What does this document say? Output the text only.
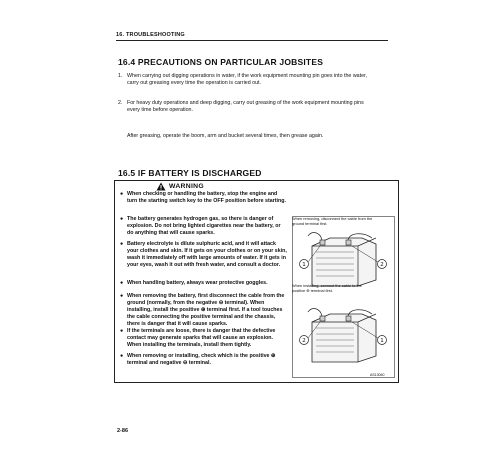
16. TROUBLESHOOTING
16.4 PRECAUTIONS ON PARTICULAR JOBSITES
1. When carrying out digging operations in water, if the work equipment mounting pin goes into the water, carry out greasing every time the operation is carried out.
2. For heavy duty operations and deep digging, carry out greasing of the work equipment mounting pins every time before operation.
After greasing, operate the boom, arm and bucket several times, then grease again.
16.5 IF BATTERY IS DISCHARGED
WARNING
● When checking or handling the battery, stop the engine and turn the starting switch key to the OFF position before starting.
● The battery generates hydrogen gas, so there is danger of explosion. Do not bring lighted cigarettes near the battery, or do anything that will cause sparks.
● Battery electrolyte is dilute sulphuric acid, and it will attack your clothes and skin. If it gets on your clothes or on your skin, wash it immediately off with large amounts of water. If it gets in your eyes, wash it out with fresh water, and consult a doctor.
● When handling battery, always wear protective goggles.
● When removing the battery, first disconnect the cable from the ground (normally, from the negative ⊖ terminal). When installing, install the positive ⊕ terminal first. If a tool touches the cable connecting the positive terminal and the chassis, there is danger that it will cause sparks.
● If the terminals are loose, there is danger that the defective contact may generate sparks that will cause an explosion. When installing the terminals, install them tightly.
● When removing or installing, check which is the positive ⊕ terminal and negative ⊖ terminal.
1	2
2	1
When removing, disconnect the cable from the ground terminal first.
When installing, connect the cable to the positive ⊕ terminal first.
AS13060
2-86
